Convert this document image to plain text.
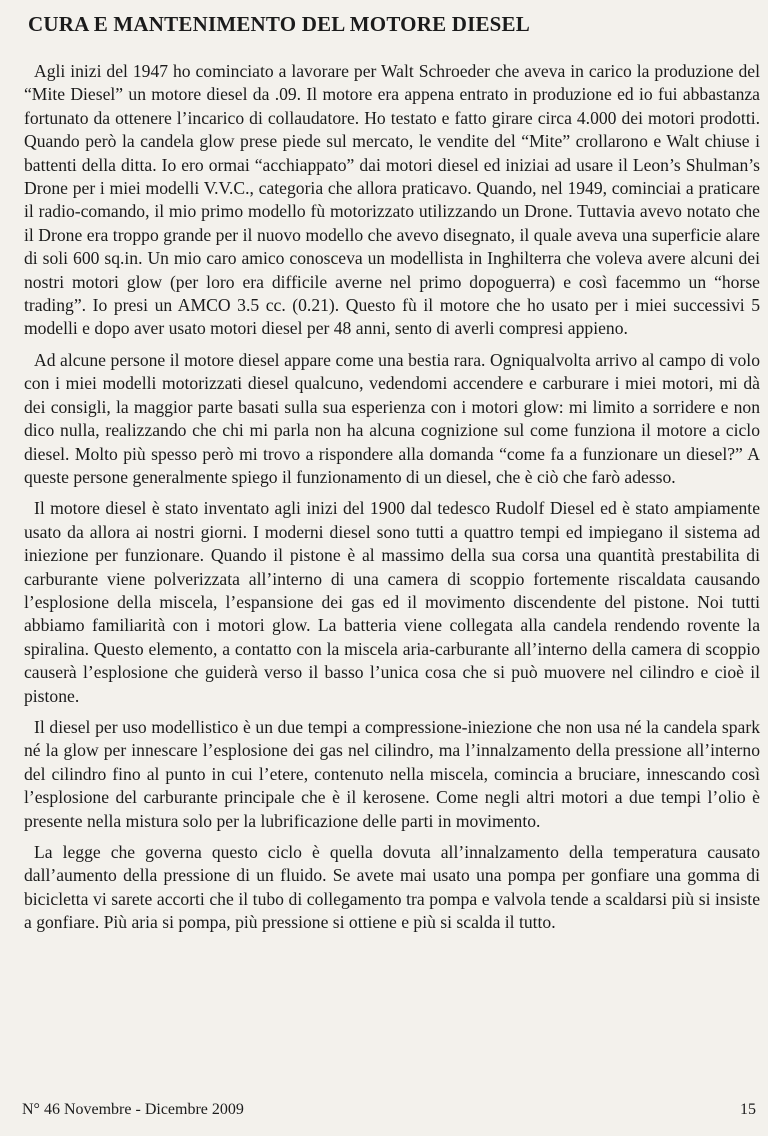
CURA E MANTENIMENTO DEL MOTORE DIESEL

Agli inizi del 1947 ho cominciato a lavorare per Walt Schroeder che aveva in carico la produzione del “Mite Diesel” un motore diesel da .09. Il motore era appena entrato in produzione ed io fui abbastanza fortunato da ottenere l’incarico di collaudatore. Ho testato e fatto girare circa 4.000 dei motori prodotti. Quando però la candela glow prese piede sul mercato, le vendite del “Mite” crollarono e Walt chiuse i battenti della ditta. Io ero ormai “acchiappato” dai motori diesel ed iniziai ad usare il Leon’s Shulman’s Drone per i miei modelli V.V.C., categoria che allora praticavo. Quando, nel 1949, cominciai a praticare il radio-comando, il mio primo modello fù motorizzato utilizzando un Drone. Tuttavia avevo notato che il Drone era troppo grande per il nuovo modello che avevo disegnato, il quale aveva una superficie alare di soli 600 sq.in. Un mio caro amico conosceva un modellista in Inghilterra che voleva avere alcuni dei nostri motori glow (per loro era difficile averne nel primo dopoguerra) e così facemmo un “horse trading”. Io presi un AMCO 3.5 cc. (0.21). Questo fù il motore che ho usato per i miei successivi 5 modelli e dopo aver usato motori diesel per 48 anni, sento di averli compresi appieno.

Ad alcune persone il motore diesel appare come una bestia rara. Ogniqualvolta arrivo al campo di volo con i miei modelli motorizzati diesel qualcuno, vedendomi accendere e carburare i miei motori, mi dà dei consigli, la maggior parte basati sulla sua esperienza con i motori glow: mi limito a sorridere e non dico nulla, realizzando che chi mi parla non ha alcuna cognizione sul come funziona il motore a ciclo diesel. Molto più spesso però mi trovo a rispondere alla domanda “come fa a funzionare un diesel?” A queste persone generalmente spiego il funzionamento di un diesel, che è ciò che farò adesso.

Il motore diesel è stato inventato agli inizi del 1900 dal tedesco Rudolf Diesel ed è stato ampiamente usato da allora ai nostri giorni. I moderni diesel sono tutti a quattro tempi ed impiegano il sistema ad iniezione per funzionare. Quando il pistone è al massimo della sua corsa una quantità prestabilita di carburante viene polverizzata all’interno di una camera di scoppio fortemente riscaldata causando l’esplosione della miscela, l’espansione dei gas ed il movimento discendente del pistone. Noi tutti abbiamo familiarità con i motori glow. La batteria viene collegata alla candela rendendo rovente la spiralina. Questo elemento, a contatto con la miscela aria-carburante all’interno della camera di scoppio causerà l’esplosione che guiderà verso il basso l’unica cosa che si può muovere nel cilindro e cioè il pistone.

Il diesel per uso modellistico è un due tempi a compressione-iniezione che non usa né la candela spark né la glow per innescare l’esplosione dei gas nel cilindro, ma l’innalzamento della pressione all’interno del cilindro fino al punto in cui l’etere, contenuto nella miscela, comincia a bruciare, innescando così l’esplosione del carburante principale che è il kerosene. Come negli altri motori a due tempi l’olio è presente nella mistura solo per la lubrificazione delle parti in movimento.

La legge che governa questo ciclo è quella dovuta all’innalzamento della temperatura causato dall’aumento della pressione di un fluido. Se avete mai usato una pompa per gonfiare una gomma di bicicletta vi sarete accorti che il tubo di collegamento tra pompa e valvola tende a scaldarsi più si insiste a gonfiare. Più aria si pompa, più pressione si ottiene e più si scalda il tutto.

N° 46 Novembre - Dicembre 2009	15
